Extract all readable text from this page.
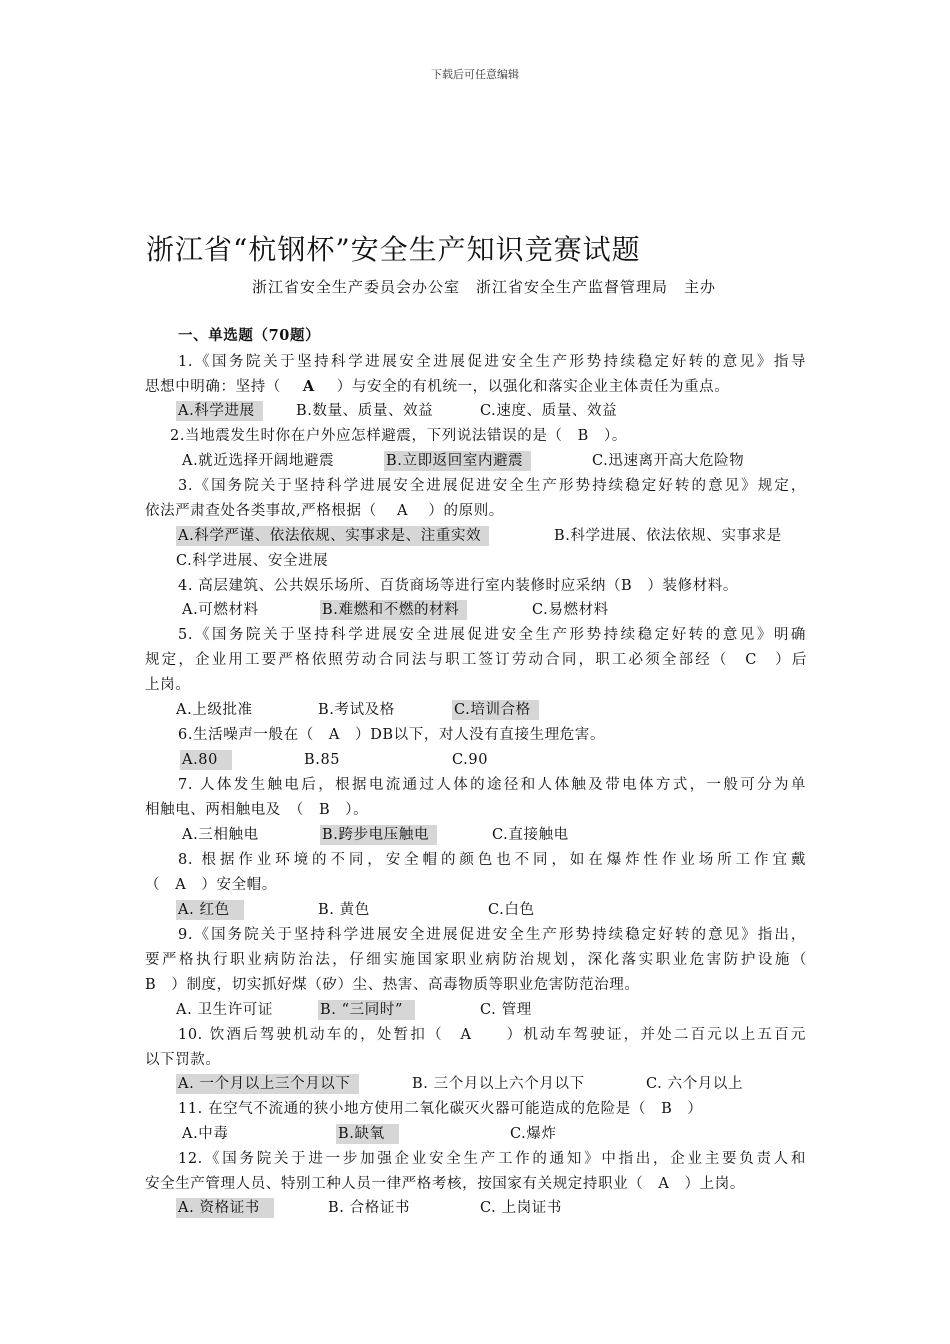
下载后可任意编辑
浙江省“杭钢杯”安全生产知识竞赛试题
浙江省安全生产委员会办公室　浙江省安全生产监督管理局　主办
一、单选题（70题）
1.《国务院关于坚持科学进展安全进展促进安全生产形势持续稳定好转的意见》指导
思想中明确：坚持（ A ）与安全的有机统一，以强化和落实企业主体责任为重点。
A.科学进展	B.数量、质量、效益	C.速度、质量、效益
2.当地震发生时你在户外应怎样避震，下列说法错误的是（　B　）。
A.就近选择开阔地避震	B.立即返回室内避震	C.迅速离开高大危险物
3.《国务院关于坚持科学进展安全进展促进安全生产形势持续稳定好转的意见》规定，
依法严肃查处各类事故,严格根据（　 A　 ）的原则。
A.科学严谨、依法依规、实事求是、注重实效	B.科学进展、依法依规、实事求是
C.科学进展、安全进展
4. 高层建筑、公共娱乐场所、百货商场等进行室内装修时应采纳（B　）装修材料。
A.可燃材料	B.难燃和不燃的材料	C.易燃材料
5.《国务院关于坚持科学进展安全进展促进安全生产形势持续稳定好转的意见》明确
规定，企业用工要严格依照劳动合同法与职工签订劳动合同，职工必须全部经（　C　）后
上岗。
A.上级批准	B.考试及格	C.培训合格
6.生活噪声一般在（　A　）DB以下，对人没有直接生理危害。
A.80	B.85	C.90
7. 人体发生触电后，根据电流通过人体的途径和人体触及带电体方式，一般可分为单
相触电、两相触电及　（　B　）。
A.三相触电	B.跨步电压触电	C.直接触电
8. 根据作业环境的不同，安全帽的颜色也不同，如在爆炸性作业场所工作宜戴
（　A　）安全帽。
A. 红色	B. 黄色	C.白色
9.《国务院关于坚持科学进展安全进展促进安全生产形势持续稳定好转的意见》指出，
要严格执行职业病防治法，仔细实施国家职业病防治规划，深化落实职业危害防护设施（
B　）制度，切实抓好煤（矽）尘、热害、高毒物质等职业危害防范治理。
A. 卫生许可证	B. “三同时”	C. 管理
10. 饮酒后驾驶机动车的，处暂扣（　A　　）机动车驾驶证，并处二百元以上五百元
以下罚款。
A. 一个月以上三个月以下	B. 三个月以上六个月以下	C. 六个月以上
11. 在空气不流通的狭小地方使用二氧化碳灭火器可能造成的危险是（　B　）
A.中毒	B.缺氧	C.爆炸
12.《国务院关于进一步加强企业安全生产工作的通知》中指出，企业主要负责人和
安全生产管理人员、特别工种人员一律严格考核，按国家有关规定持职业（　A　）上岗。
A. 资格证书	B. 合格证书	C. 上岗证书
